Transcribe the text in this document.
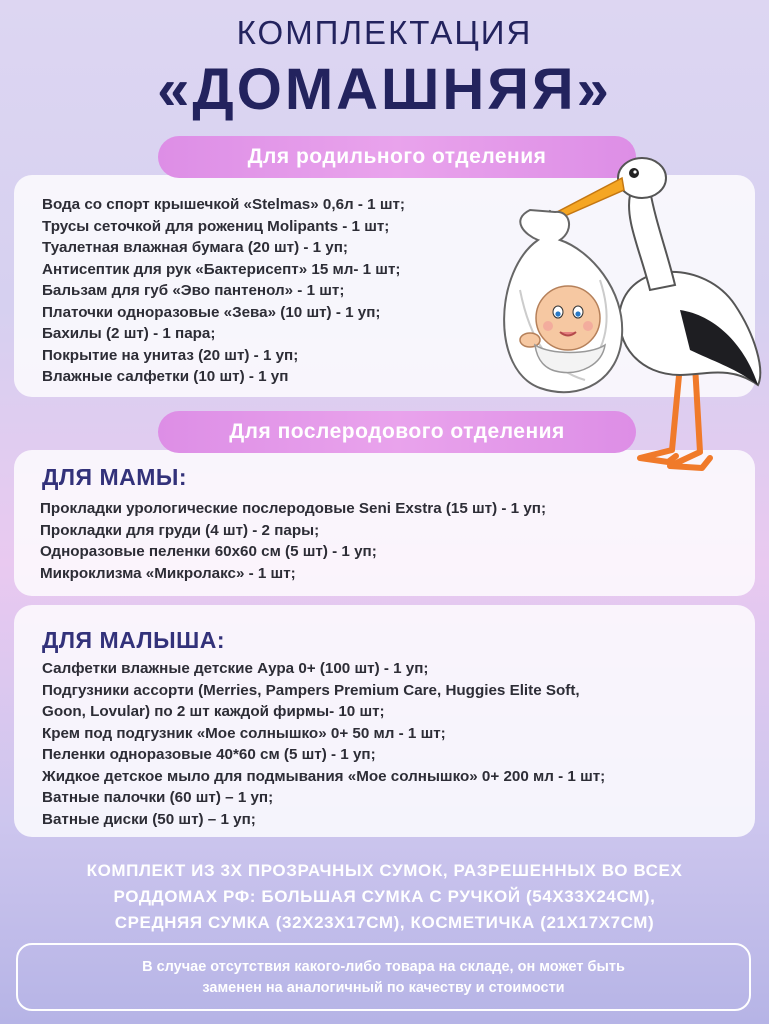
КОМПЛЕКТАЦИЯ
«ДОМАШНЯЯ»
Для родильного отделения
Вода со спорт крышечкой «Stelmas» 0,6л - 1 шт;
Трусы сеточкой для рожениц Molipants - 1 шт;
Туалетная влажная бумага (20 шт) - 1 уп;
Антисептик для рук «Бактерисепт» 15 мл- 1 шт;
Бальзам для губ «Эво пантенол» - 1 шт;
Платочки одноразовые «Зева» (10 шт) - 1 уп;
Бахилы (2 шт) - 1 пара;
Покрытие на унитаз (20 шт) - 1 уп;
Влажные салфетки (10 шт) - 1 уп
Для послеродового отделения
ДЛЯ МАМЫ:
Прокладки урологические послеродовые Seni Exstra (15 шт) - 1 уп;
Прокладки для груди (4 шт) - 2 пары;
Одноразовые пеленки 60х60 см (5 шт) - 1 уп;
Микроклизма «Микролакс» - 1 шт;
ДЛЯ МАЛЫША:
Салфетки влажные детские Аура 0+ (100 шт) - 1 уп;
Подгузники ассорти (Merries, Pampers Premium Care, Huggies Elite Soft,
Goon, Lovular) по 2 шт каждой фирмы- 10 шт;
Крем под подгузник «Мое солнышко» 0+ 50 мл - 1 шт;
Пеленки одноразовые 40*60 см (5 шт) - 1 уп;
Жидкое детское мыло для подмывания «Мое солнышко» 0+ 200 мл - 1 шт;
Ватные палочки (60 шт) – 1 уп;
Ватные диски (50 шт) – 1 уп;
КОМПЛЕКТ ИЗ 3Х ПРОЗРАЧНЫХ СУМОК, РАЗРЕШЕННЫХ ВО ВСЕХ
РОДДОМАХ РФ: БОЛЬШАЯ СУМКА С РУЧКОЙ (54Х33Х24СМ),
СРЕДНЯЯ СУМКА (32Х23Х17СМ), КОСМЕТИЧКА (21Х17Х7СМ)
В случае отсутствия какого-либо товара на складе, он может быть
заменен на аналогичный по качеству и стоимости
